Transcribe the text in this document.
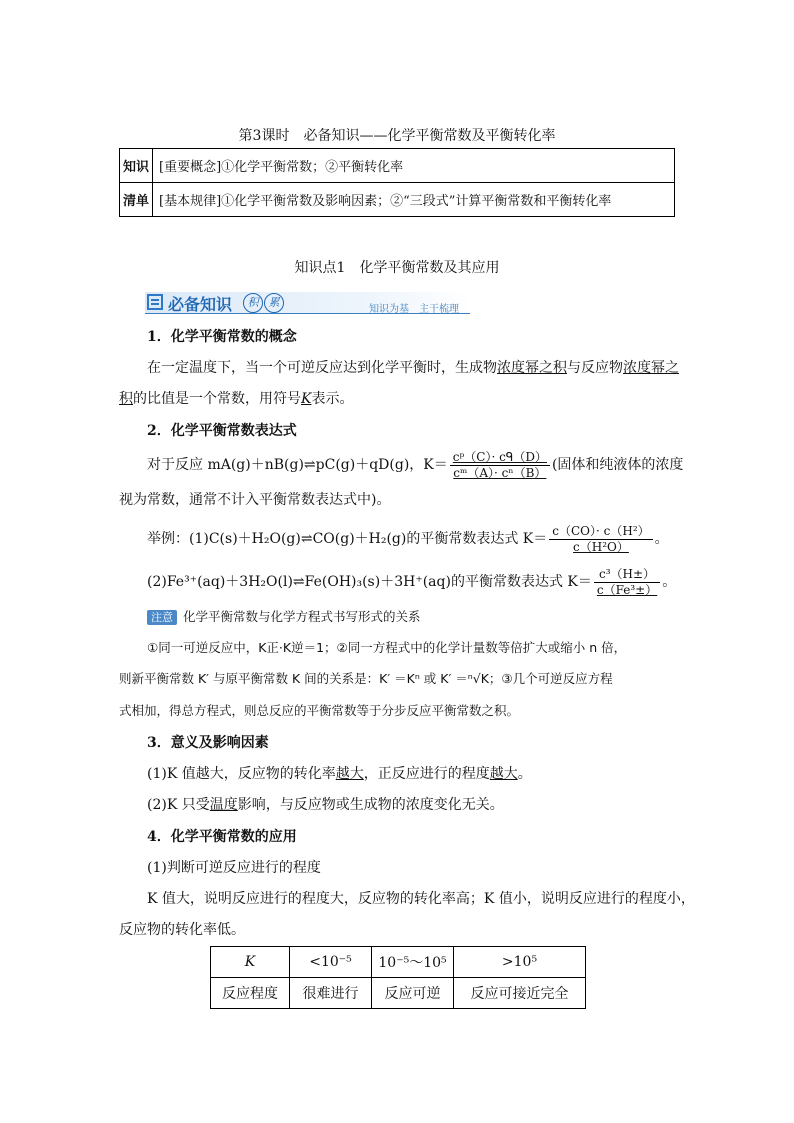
第3课时　必备知识——化学平衡常数及平衡转化率
知识	[重要概念]①化学平衡常数；②平衡转化率
清单	[基本规律]①化学平衡常数及影响因素；②“三段式”计算平衡常数和平衡转化率
知识点1　化学平衡常数及其应用
必备知识	积 累
知识为基　主干梳理
1．化学平衡常数的概念
在一定温度下，当一个可逆反应达到化学平衡时，生成物浓度幂之积与反应物浓度幂之
积的比值是一个常数，用符号K表示。
2．化学平衡常数表达式
对于反应 mA(g)＋nB(g)⇌pC(g)＋qD(g)，$K= \frac{\text{cᵖ（C）· cᑫ（D）}}{\text{cᵐ（A）· cⁿ（B）}}$ (固体和纯液体的浓度
视为常数，通常不计入平衡常数表达式中)。
举例：(1)C(s)＋H₂O(g)⇌CO(g)＋H₂(g)的平衡常数表达式 $K= \frac{\text{c（CO）· c（H²）}}{\text{c（H²O）}}$ 。
(2)Fe³⁺(aq)＋3H₂O(l)⇌Fe(OH)₃(s)＋3H⁺(aq)的平衡常数表达式 $K= \frac{\text{c³（H±）}}{\text{c（Fe³±）}}$ 。
注意 化学平衡常数与化学方程式书写形式的关系
①同一可逆反应中，K正·K逆＝1；②同一方程式中的化学计量数等倍扩大或缩小 n 倍，
则新平衡常数 K′ 与原平衡常数 K 间的关系是：K′ ＝Kⁿ 或 K′ ＝ⁿ√K；③几个可逆反应方程
式相加，得总方程式，则总反应的平衡常数等于分步反应平衡常数之积。
3．意义及影响因素
(1)K 值越大，反应物的转化率越大，正反应进行的程度越大。
(2)K 只受温度影响，与反应物或生成物的浓度变化无关。
4．化学平衡常数的应用
(1)判断可逆反应进行的程度
K 值大，说明反应进行的程度大，反应物的转化率高；K 值小，说明反应进行的程度小，
反应物的转化率低。
K	<10⁻⁵	10⁻⁵～10⁵	>10⁵
反应程度	很难进行	反应可逆	反应可接近完全
